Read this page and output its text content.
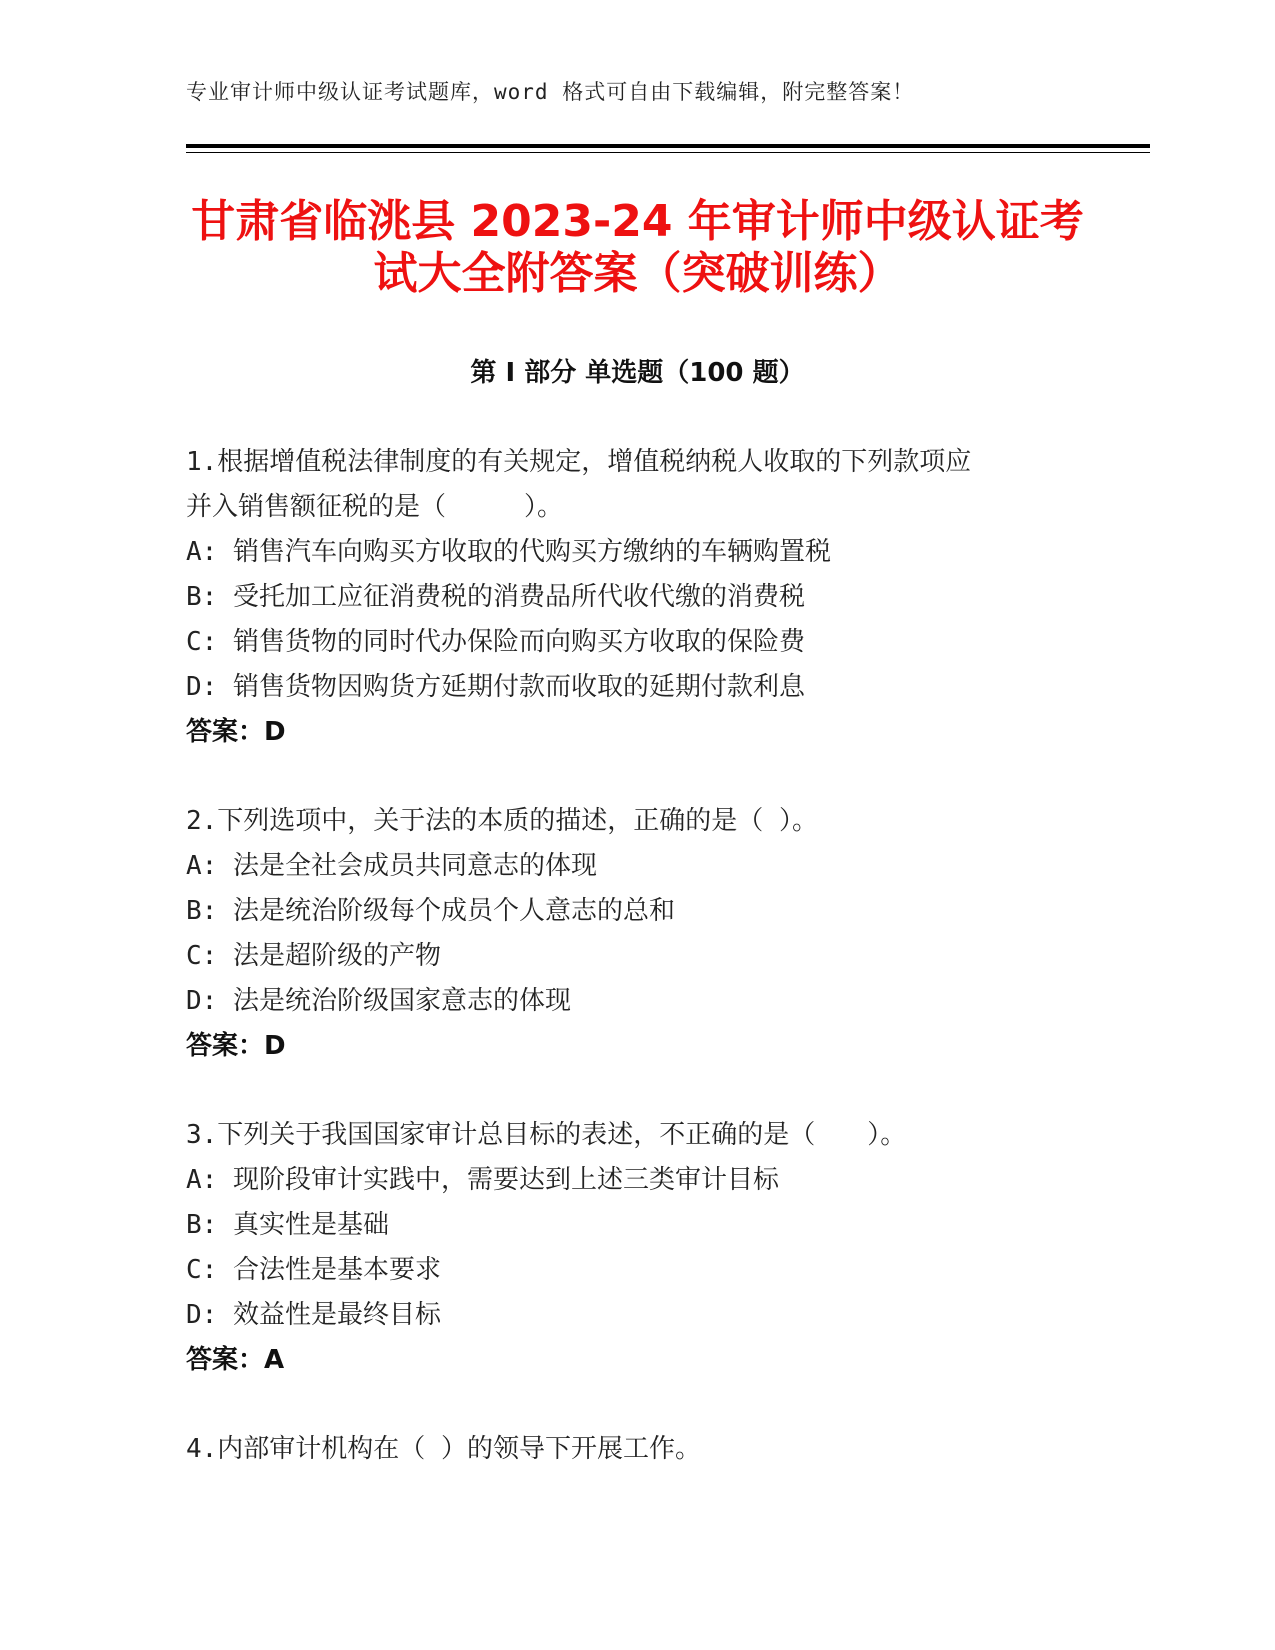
专业审计师中级认证考试题库，word 格式可自由下载编辑，附完整答案！
甘肃省临洮县 2023-24 年审计师中级认证考
试大全附答案（突破训练）
第 I 部分 单选题（100 题）
1.根据增值税法律制度的有关规定，增值税纳税人收取的下列款项应
并入销售额征税的是（　　　）。
A: 销售汽车向购买方收取的代购买方缴纳的车辆购置税
B: 受托加工应征消费税的消费品所代收代缴的消费税
C: 销售货物的同时代办保险而向购买方收取的保险费
D: 销售货物因购货方延期付款而收取的延期付款利息
答案：D
2.下列选项中，关于法的本质的描述，正确的是（ ）。
A: 法是全社会成员共同意志的体现
B: 法是统治阶级每个成员个人意志的总和
C: 法是超阶级的产物
D: 法是统治阶级国家意志的体现
答案：D
3.下列关于我国国家审计总目标的表述，不正确的是（　　）。
A: 现阶段审计实践中，需要达到上述三类审计目标
B: 真实性是基础
C: 合法性是基本要求
D: 效益性是最终目标
答案：A
4.内部审计机构在（ ）的领导下开展工作。
